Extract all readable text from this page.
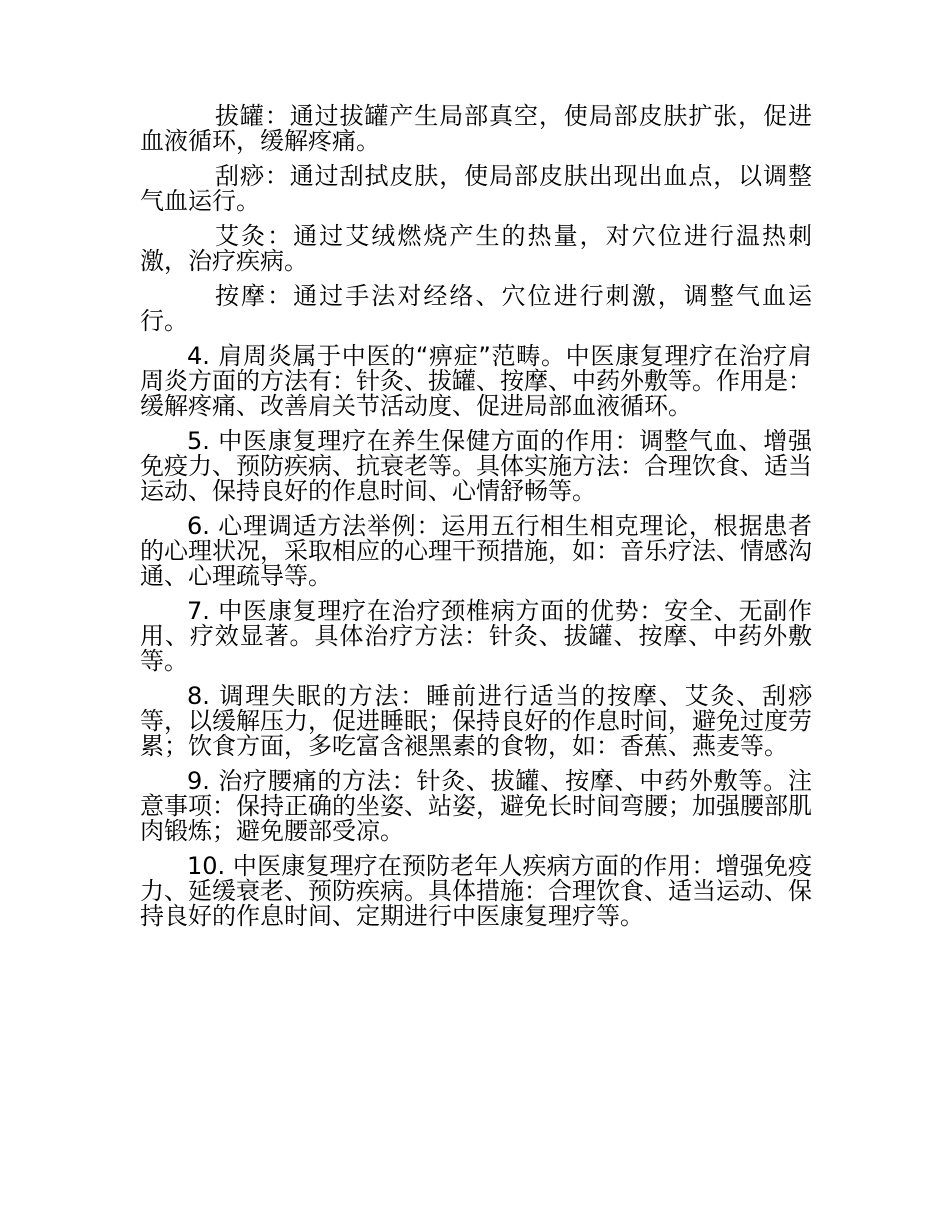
拔罐：通过拔罐产生局部真空，使局部皮肤扩张，促进血液循环，缓解疼痛。

刮痧：通过刮拭皮肤，使局部皮肤出现出血点，以调整气血运行。

艾灸：通过艾绒燃烧产生的热量，对穴位进行温热刺激，治疗疾病。

按摩：通过手法对经络、穴位进行刺激，调整气血运行。

4. 肩周炎属于中医的“痹症”范畴。中医康复理疗在治疗肩周炎方面的方法有：针灸、拔罐、按摩、中药外敷等。作用是：缓解疼痛、改善肩关节活动度、促进局部血液循环。

5. 中医康复理疗在养生保健方面的作用：调整气血、增强免疫力、预防疾病、抗衰老等。具体实施方法：合理饮食、适当运动、保持良好的作息时间、心情舒畅等。

6. 心理调适方法举例：运用五行相生相克理论，根据患者的心理状况，采取相应的心理干预措施，如：音乐疗法、情感沟通、心理疏导等。

7. 中医康复理疗在治疗颈椎病方面的优势：安全、无副作用、疗效显著。具体治疗方法：针灸、拔罐、按摩、中药外敷等。

8. 调理失眠的方法：睡前进行适当的按摩、艾灸、刮痧等，以缓解压力，促进睡眠；保持良好的作息时间，避免过度劳累；饮食方面，多吃富含褪黑素的食物，如：香蕉、燕麦等。

9. 治疗腰痛的方法：针灸、拔罐、按摩、中药外敷等。注意事项：保持正确的坐姿、站姿，避免长时间弯腰；加强腰部肌肉锻炼；避免腰部受凉。

10. 中医康复理疗在预防老年人疾病方面的作用：增强免疫力、延缓衰老、预防疾病。具体措施：合理饮食、适当运动、保持良好的作息时间、定期进行中医康复理疗等。
